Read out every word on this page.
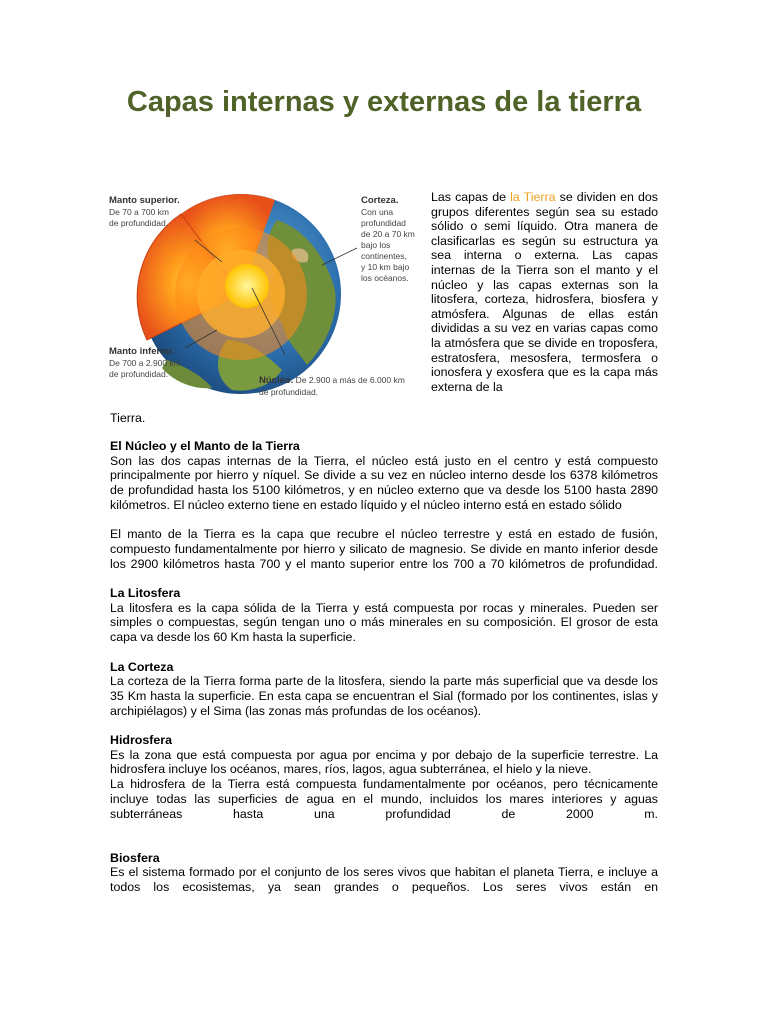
Capas internas y externas de la tierra
Manto superior.
De 70 a 700 km
de profundidad.
Corteza.
Con una
profundidad
de 20 a 70 km
bajo los
continentes,
y 10 km bajo
los océanos.
Manto inferior.
De 700 a 2.900 km
de profundidad.
Núcleo. De 2.900 a más de 6.000 km
de profundidad.

Las capas de la Tierra se dividen en dos grupos diferentes según sea su estado sólido o semi líquido. Otra manera de clasificarlas es según su estructura ya sea interna o externa. Las capas internas de la Tierra son el manto y el núcleo y las capas externas son la litosfera, corteza, hidrosfera, biosfera y atmósfera. Algunas de ellas están divididas a su vez en varias capas como la atmósfera que se divide en troposfera, estratosfera, mesosfera, termosfera o ionosfera y exosfera que es la capa más externa de la

Tierra.

El Núcleo y el Manto de la Tierra

Son las dos capas internas de la Tierra, el núcleo está justo en el centro y está compuesto principalmente por hierro y níquel. Se divide a su vez en núcleo interno desde los 6378 kilómetros de profundidad hasta los 5100 kilómetros, y en núcleo externo que va desde los 5100 hasta 2890 kilómetros. El núcleo externo tiene en estado líquido y el núcleo interno está en estado sólido

El manto de la Tierra es la capa que recubre el núcleo terrestre y está en estado de fusión, compuesto fundamentalmente por hierro y silicato de magnesio. Se divide en manto inferior desde los 2900 kilómetros hasta 700 y el manto superior entre los 700 a 70 kilómetros de profundidad.

La Litosfera

La litosfera es la capa sólida de la Tierra y está compuesta por rocas y minerales. Pueden ser simples o compuestas, según tengan uno o más minerales en su composición. El grosor de esta capa va desde los 60 Km hasta la superficie.

La Corteza

La corteza de la Tierra forma parte de la litosfera, siendo la parte más superficial que va desde los 35 Km hasta la superficie. En esta capa se encuentran el Sial (formado por los continentes, islas y archipiélagos) y el Sima (las zonas más profundas de los océanos).

Hidrosfera

Es la zona que está compuesta por agua por encima y por debajo de la superficie terrestre. La hidrosfera incluye los océanos, mares, ríos, lagos, agua subterránea, el hielo y la nieve.

La hidrosfera de la Tierra está compuesta fundamentalmente por océanos, pero técnicamente incluye todas las superficies de agua en el mundo, incluidos los mares interiores y aguas subterráneas hasta una profundidad de 2000 m.

Biosfera

Es el sistema formado por el conjunto de los seres vivos que habitan el planeta Tierra, e incluye a todos los ecosistemas, ya sean grandes o pequeños. Los seres vivos están en
